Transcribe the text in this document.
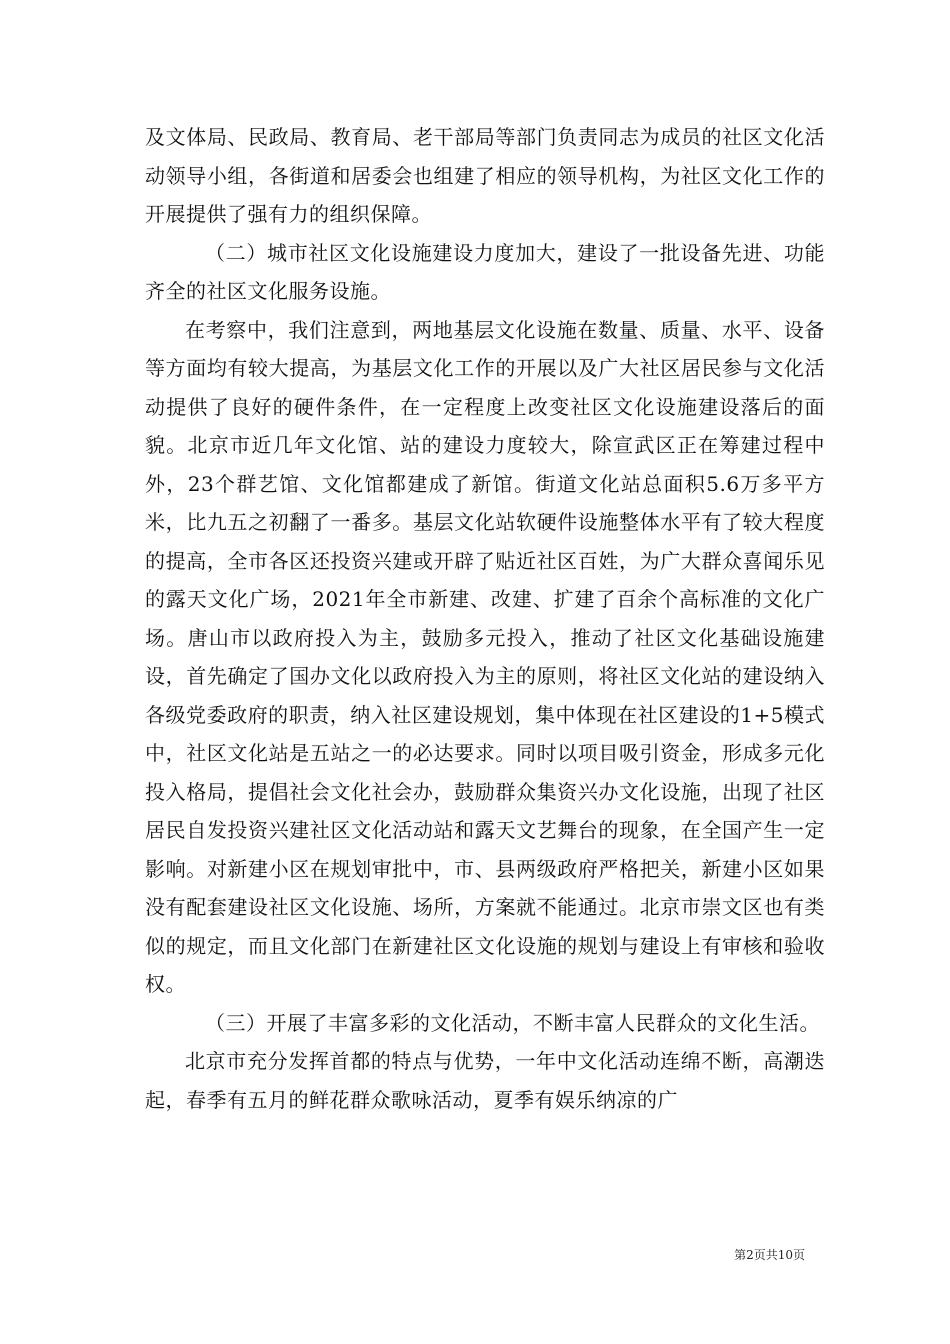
及文体局、民政局、教育局、老干部局等部门负责同志为成员的社区文化活动领导小组，各街道和居委会也组建了相应的领导机构，为社区文化工作的开展提供了强有力的组织保障。

（二）城市社区文化设施建设力度加大，建设了一批设备先进、功能齐全的社区文化服务设施。

在考察中，我们注意到，两地基层文化设施在数量、质量、水平、设备等方面均有较大提高，为基层文化工作的开展以及广大社区居民参与文化活动提供了良好的硬件条件，在一定程度上改变社区文化设施建设落后的面貌。北京市近几年文化馆、站的建设力度较大，除宣武区正在筹建过程中外，23个群艺馆、文化馆都建成了新馆。街道文化站总面积5.6万多平方米，比九五之初翻了一番多。基层文化站软硬件设施整体水平有了较大程度的提高，全市各区还投资兴建或开辟了贴近社区百姓，为广大群众喜闻乐见的露天文化广场，2021年全市新建、改建、扩建了百余个高标准的文化广场。唐山市以政府投入为主，鼓励多元投入，推动了社区文化基础设施建设，首先确定了国办文化以政府投入为主的原则，将社区文化站的建设纳入各级党委政府的职责，纳入社区建设规划，集中体现在社区建设的1+5模式中，社区文化站是五站之一的必达要求。同时以项目吸引资金，形成多元化投入格局，提倡社会文化社会办，鼓励群众集资兴办文化设施，出现了社区居民自发投资兴建社区文化活动站和露天文艺舞台的现象，在全国产生一定影响。对新建小区在规划审批中，市、县两级政府严格把关，新建小区如果没有配套建设社区文化设施、场所，方案就不能通过。北京市崇文区也有类似的规定，而且文化部门在新建社区文化设施的规划与建设上有审核和验收权。

（三）开展了丰富多彩的文化活动，不断丰富人民群众的文化生活。

北京市充分发挥首都的特点与优势，一年中文化活动连绵不断，高潮迭起，春季有五月的鲜花群众歌咏活动，夏季有娱乐纳凉的广

第2页共10页
